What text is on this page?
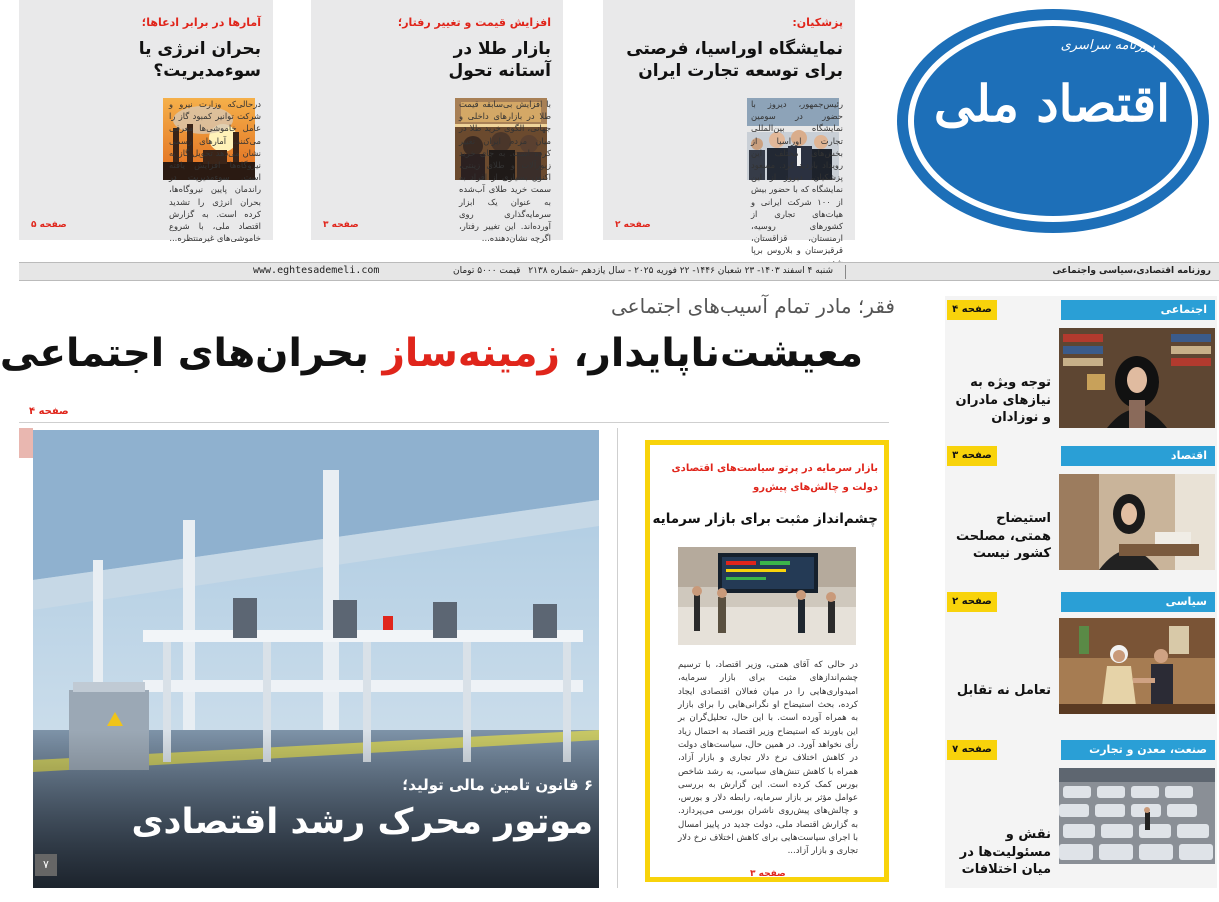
پزشکیان:
نمایشگاه اوراسیا، فرصتی برای توسعه تجارت ایران
رئیس‌جمهور، دیروز با حضور در سومین نمایشگاه بین‌المللی تجارت اوراسیا از بخش‌های مختلف این رویداد بازدید کرد. مسعود پزشکیان، دیروز از این نمایشگاه که با حضور بیش از ۱۰۰ شرکت ایرانی و هیات‌های تجاری از کشورهای روسیه، ارمنستان، قزاقستان، قرقیزستان و بلاروس برپا
صفحه ۲
افزایش قیمت و تغییر رفتار؛
بازار طلا در آستانه تحول
با افزایش بی‌سابقه قیمت طلا در بازارهای داخلی و جهانی، الگوی خرید طلا در میان مردم ایران تغییر کرده است. به جای خرید زیورآلات و طلای زینتی، اکنون بسیاری از افراد به سمت خرید طلای آب‌شده به عنوان یک ابزار سرمایه‌گذاری روی آورده‌اند. این تغییر رفتار، اگرچه نشان‌دهنده...
صفحه ۳
آمارها در برابر ادعاها؛
بحران انرژی یا سوءمدیریت؟
درحالی‌که وزارت نیرو و شرکت توانیر کمبود گاز را عامل خاموشی‌ها معرفی می‌کنند، آمارهای رسمی نشان می‌دهد تحویل گاز به نیروگاه‌ها افزایش یافته است. سوءمدیریت در راندمان پایین نیروگاه‌ها، بحران انرژی را تشدید کرده است. به گزارش اقتصاد ملی، با شروع خاموشی‌های غیرمنتظره...
صفحه ۵
روزنامه سراسری
اقتصاد ملی
روزنامه اقتصادی،سیاسی واجتماعی
شنبه ۴ اسفند ۱۴۰۳- ۲۳ شعبان ۱۴۴۶- ۲۲ فوریه ۲۰۲۵ - سال یازدهم -شماره ۲۱۳۸
قیمت ۵۰۰۰ تومان
www.eghtesademeli.com
فقر؛ مادر تمام آسیب‌های اجتماعی
معیشت‌ناپایدار، زمینه‌ساز بحران‌های اجتماعی
صفحه ۴
۶ قانون تامین مالی تولید؛
موتور محرک رشد اقتصادی
۷
بازار سرمایه در پرتو سیاست‌های اقتصادی دولت و چالش‌های پیش‌رو
چشم‌انداز مثبت برای بازار سرمایه
در حالی که آقای همتی، وزیر اقتصاد، با ترسیم چشم‌اندازهای مثبت برای بازار سرمایه، امیدواری‌هایی را در میان فعالان اقتصادی ایجاد کرده، بحث استیضاح او نگرانی‌هایی را برای بازار به همراه آورده است. با این حال، تحلیل‌گران بر این باورند که استیضاح وزیر اقتصاد به احتمال زیاد رأی نخواهد آورد. در همین حال، سیاست‌های دولت در کاهش اختلاف نرخ دلار تجاری و بازار آزاد، همراه با کاهش تنش‌های سیاسی، به رشد شاخص بورس کمک کرده است. این گزارش به بررسی عوامل مؤثر بر بازار سرمایه، رابطه دلار و بورس، و چالش‌های پیش‌روی ناشران بورسی می‌پردازد. به گزارش اقتصاد ملی، دولت جدید در پاییز امسال با اجرای سیاست‌هایی برای کاهش اختلاف نرخ دلار تجاری و بازار آزاد...
صفحه ۳
اجتماعی
صفحه ۴
توجه ویژه به نیازهای مادران و نوزادان
اقتصاد
صفحه ۳
استیضاح همتی، مصلحت کشور نیست
سیاسی
صفحه ۲
تعامل نه تقابل
صنعت، معدن و تجارت
صفحه ۷
نقش و مسئولیت‌ها در میان اختلافات
